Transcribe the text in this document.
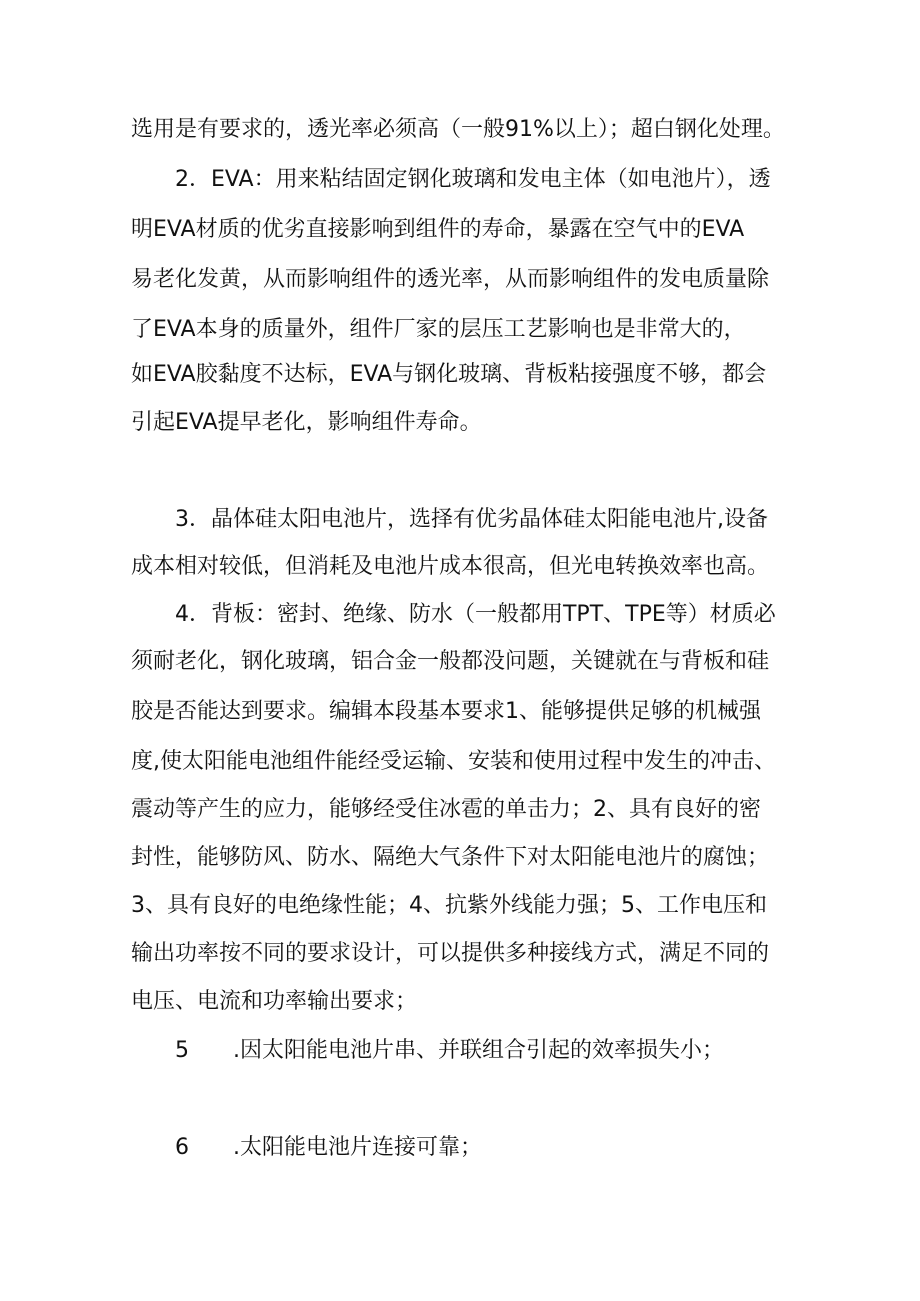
选用是有要求的，透光率必须高（一般91%以上）；超白钢化处理。
2．EVA：用来粘结固定钢化玻璃和发电主体（如电池片），透
明EVA材质的优劣直接影响到组件的寿命，暴露在空气中的EVA
易老化发黄，从而影响组件的透光率，从而影响组件的发电质量除
了EVA本身的质量外，组件厂家的层压工艺影响也是非常大的，
如EVA胶黏度不达标，EVA与钢化玻璃、背板粘接强度不够，都会
引起EVA提早老化，影响组件寿命。
3．晶体硅太阳电池片，选择有优劣晶体硅太阳能电池片,设备
成本相对较低，但消耗及电池片成本很高，但光电转换效率也高。
4．背板：密封、绝缘、防水（一般都用TPT、TPE等）材质必
须耐老化，钢化玻璃，铝合金一般都没问题，关键就在与背板和硅
胶是否能达到要求。编辑本段基本要求1、能够提供足够的机械强
度,使太阳能电池组件能经受运输、安装和使用过程中发生的冲击、
震动等产生的应力，能够经受住冰雹的单击力；2、具有良好的密
封性，能够防风、防水、隔绝大气条件下对太阳能电池片的腐蚀；
3、具有良好的电绝缘性能；4、抗紫外线能力强；5、工作电压和
输出功率按不同的要求设计，可以提供多种接线方式，满足不同的
电压、电流和功率输出要求；
5　　.因太阳能电池片串、并联组合引起的效率损失小；
6　　.太阳能电池片连接可靠；
